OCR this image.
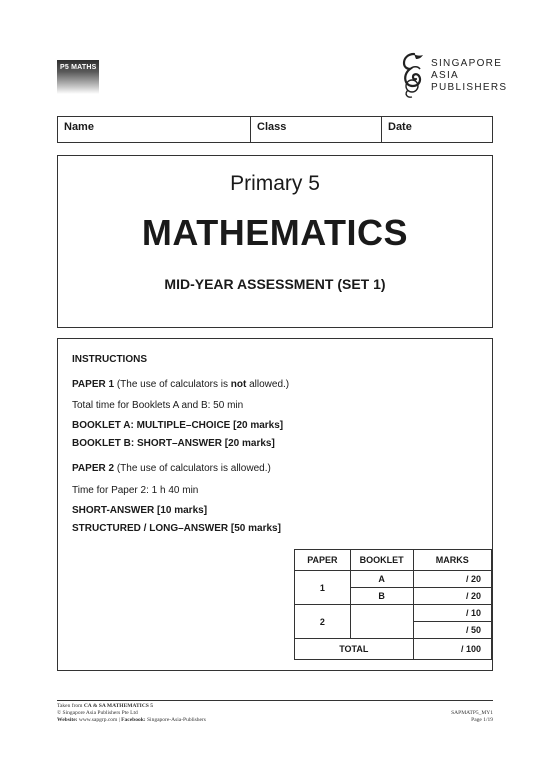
P5 MATHS	SINGAPORE
ASIA
PUBLISHERS
Name	Class	Date
Primary 5
MATHEMATICS
MID-YEAR ASSESSMENT (SET 1)
INSTRUCTIONS
PAPER 1 (The use of calculators is not allowed.)
Total time for Booklets A and B: 50 min
BOOKLET A: MULTIPLE–CHOICE [20 marks]
BOOKLET B: SHORT–ANSWER [20 marks]
PAPER 2 (The use of calculators is allowed.)
Time for Paper 2: 1 h 40 min
SHORT-ANSWER [10 marks]
STRUCTURED / LONG–ANSWER [50 marks]
PAPER	BOOKLET	MARKS
1	A	/ 20
	B	/ 20
2		/ 10
		/ 50
TOTAL		/ 100
Taken from CA & SA MATHEMATICS 5
© Singapore Asia Publishers Pte Ltd
Website: www.sapgrp.com | Facebook: Singapore-Asia-Publishers
SAPMATP5_MY1
Page 1/19
